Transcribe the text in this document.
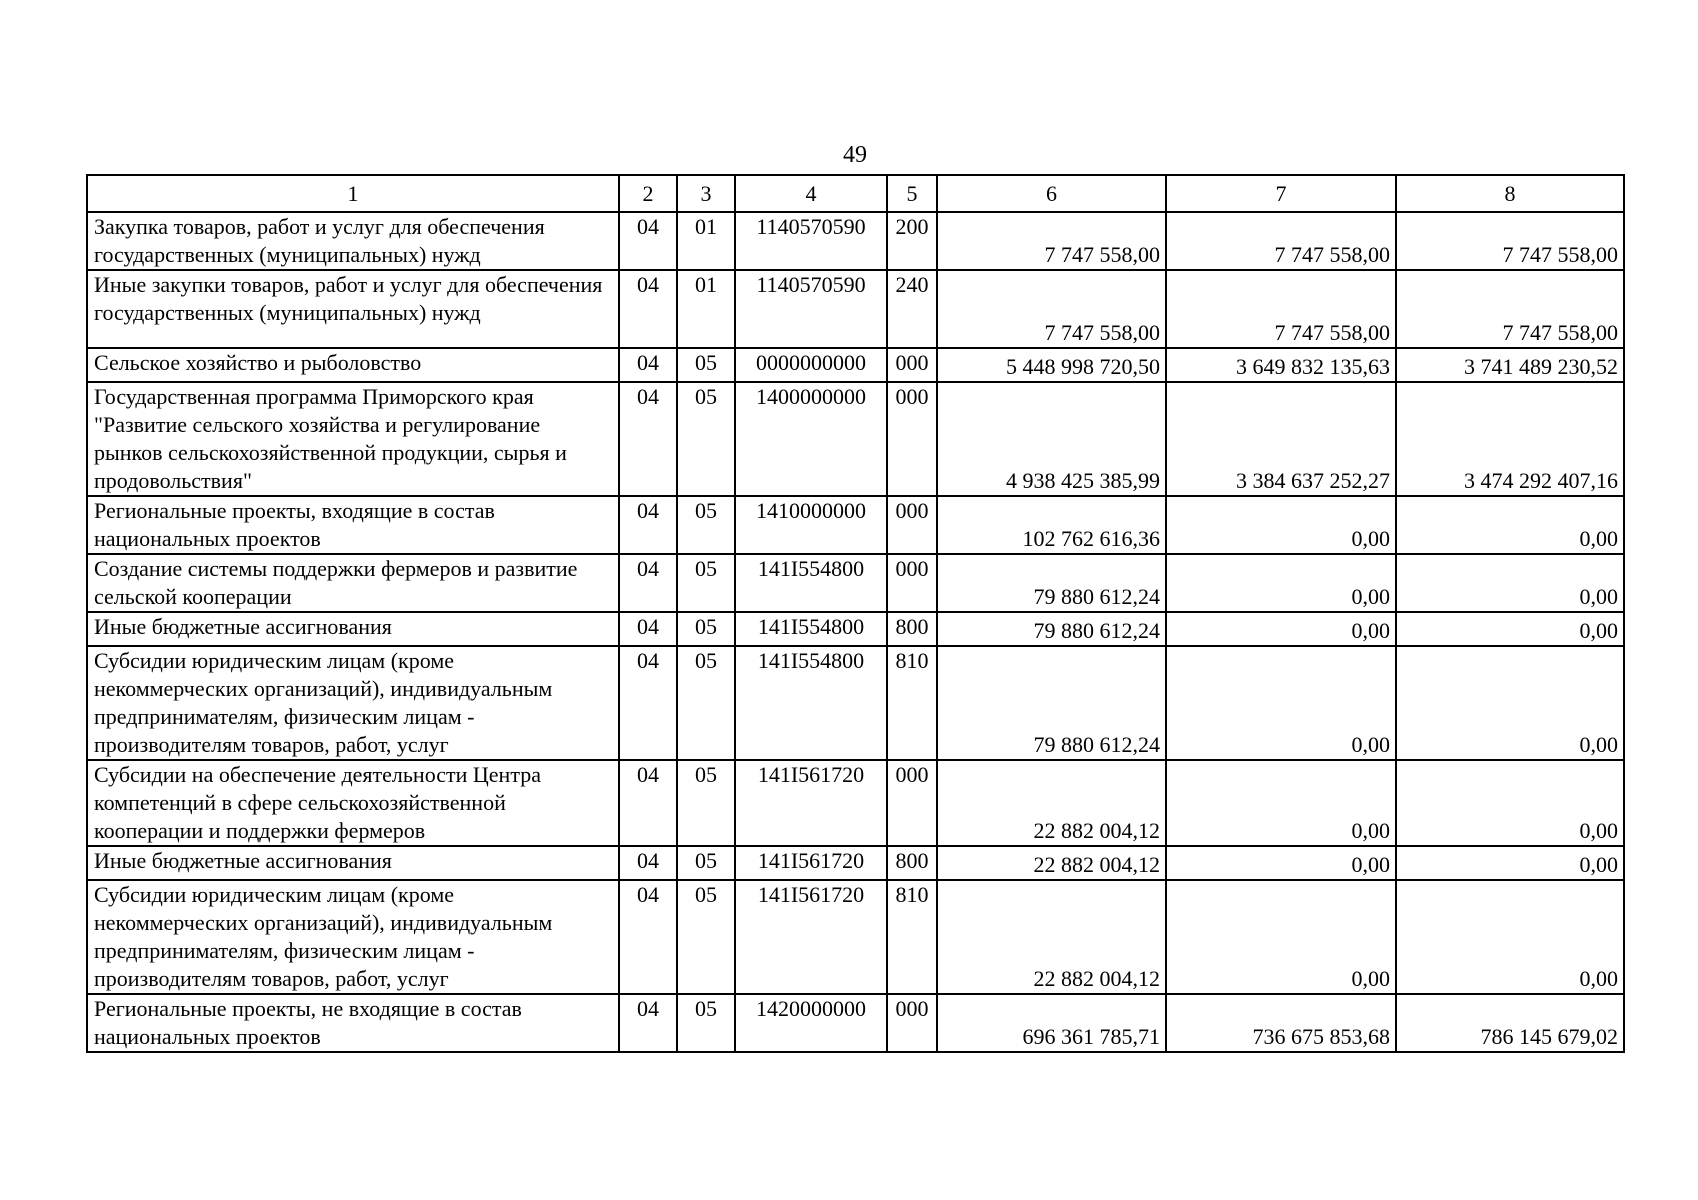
49
1	2	3	4	5	6	7	8
Закупка товаров, работ и услуг для обеспечения государственных (муниципальных) нужд	04	01	1140570590	200	7 747 558,00	7 747 558,00	7 747 558,00
Иные закупки товаров, работ и услуг для обеспечения государственных (муниципальных) нужд	04	01	1140570590	240	7 747 558,00	7 747 558,00	7 747 558,00
Сельское хозяйство и рыболовство	04	05	0000000000	000	5 448 998 720,50	3 649 832 135,63	3 741 489 230,52
Государственная программа Приморского края "Развитие сельского хозяйства и регулирование рынков сельскохозяйственной продукции, сырья и продовольствия"	04	05	1400000000	000	4 938 425 385,99	3 384 637 252,27	3 474 292 407,16
Региональные проекты, входящие в состав национальных проектов	04	05	1410000000	000	102 762 616,36	0,00	0,00
Создание системы поддержки фермеров и развитие сельской кооперации	04	05	141I554800	000	79 880 612,24	0,00	0,00
Иные бюджетные ассигнования	04	05	141I554800	800	79 880 612,24	0,00	0,00
Субсидии юридическим лицам (кроме некоммерческих организаций), индивидуальным предпринимателям, физическим лицам - производителям товаров, работ, услуг	04	05	141I554800	810	79 880 612,24	0,00	0,00
Субсидии на обеспечение деятельности Центра компетенций в сфере сельскохозяйственной кооперации и поддержки фермеров	04	05	141I561720	000	22 882 004,12	0,00	0,00
Иные бюджетные ассигнования	04	05	141I561720	800	22 882 004,12	0,00	0,00
Субсидии юридическим лицам (кроме некоммерческих организаций), индивидуальным предпринимателям, физическим лицам - производителям товаров, работ, услуг	04	05	141I561720	810	22 882 004,12	0,00	0,00
Региональные проекты, не входящие в состав национальных проектов	04	05	1420000000	000	696 361 785,71	736 675 853,68	786 145 679,02
